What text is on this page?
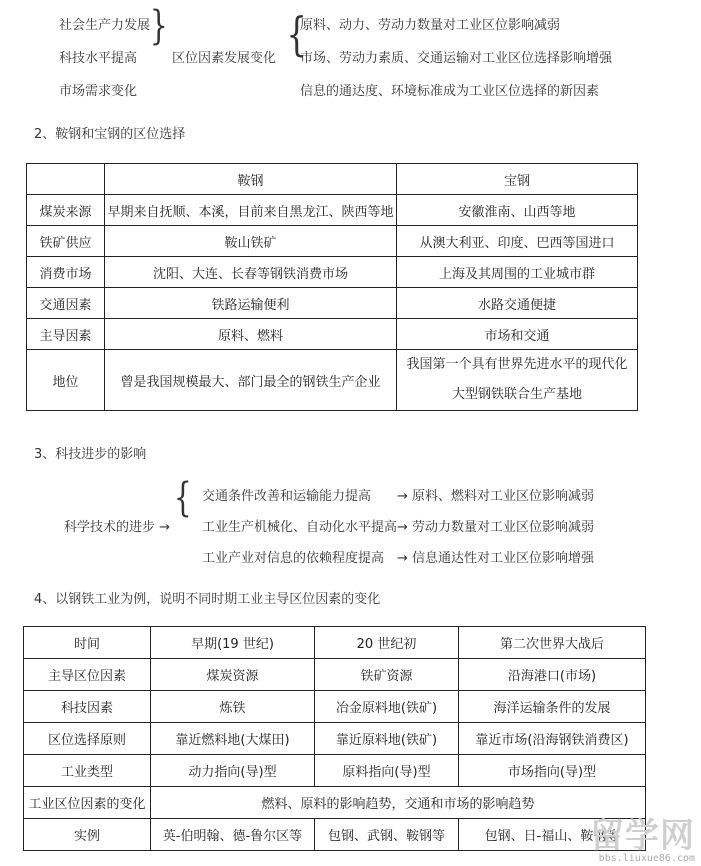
社会生产力发展
科技水平提高
市场需求变化
}
区位因素发展变化 {
原料、动力、劳动力数量对工业区位影响减弱
市场、劳动力素质、交通运输对工业区位选择影响增强
信息的通达度、环境标准成为工业区位选择的新因素
2、鞍钢和宝钢的区位选择
	鞍钢	宝钢
煤炭来源	早期来自抚顺、本溪，目前来自黑龙江、陕西等地	安徽淮南、山西等地
铁矿供应	鞍山铁矿	从澳大利亚、印度、巴西等国进口
消费市场	沈阳、大连、长春等钢铁消费市场	上海及其周围的工业城市群
交通因素	铁路运输便利	水路交通便捷
主导因素	原料、燃料	市场和交通
地位	曾是我国规模最大、部门最全的钢铁生产企业	我国第一个具有世界先进水平的现代化
大型钢铁联合生产基地
3、科技进步的影响
科学技术的进步 →
{ 交通条件改善和运输能力提高
工业生产机械化、自动化水平提高
工业产业对信息的依赖程度提高
→ 原料、燃料对工业区位影响减弱
→ 劳动力数量对工业区位影响减弱
→ 信息通达性对工业区位影响增强
4、以钢铁工业为例，说明不同时期工业主导区位因素的变化
时间	早期(19 世纪)	20 世纪初	第二次世界大战后
主导区位因素	煤炭资源	铁矿资源	沿海港口(市场)
科技因素	炼铁	冶金原料地(铁矿)	海洋运输条件的发展
区位选择原则	靠近燃料地(大煤田)	靠近原料地(铁矿)	靠近市场(沿海钢铁消费区)
工业类型	动力指向(导)型	原料指向(导)型	市场指向(导)型
工业区位因素的变化	燃料、原料的影响趋势，交通和市场的影响趋势		
实例	英-伯明翰、德-鲁尔区等	包钢、武钢、鞍钢等	包钢、日-福山、鞍钢等
留学网
bbs.liuxue86.com
